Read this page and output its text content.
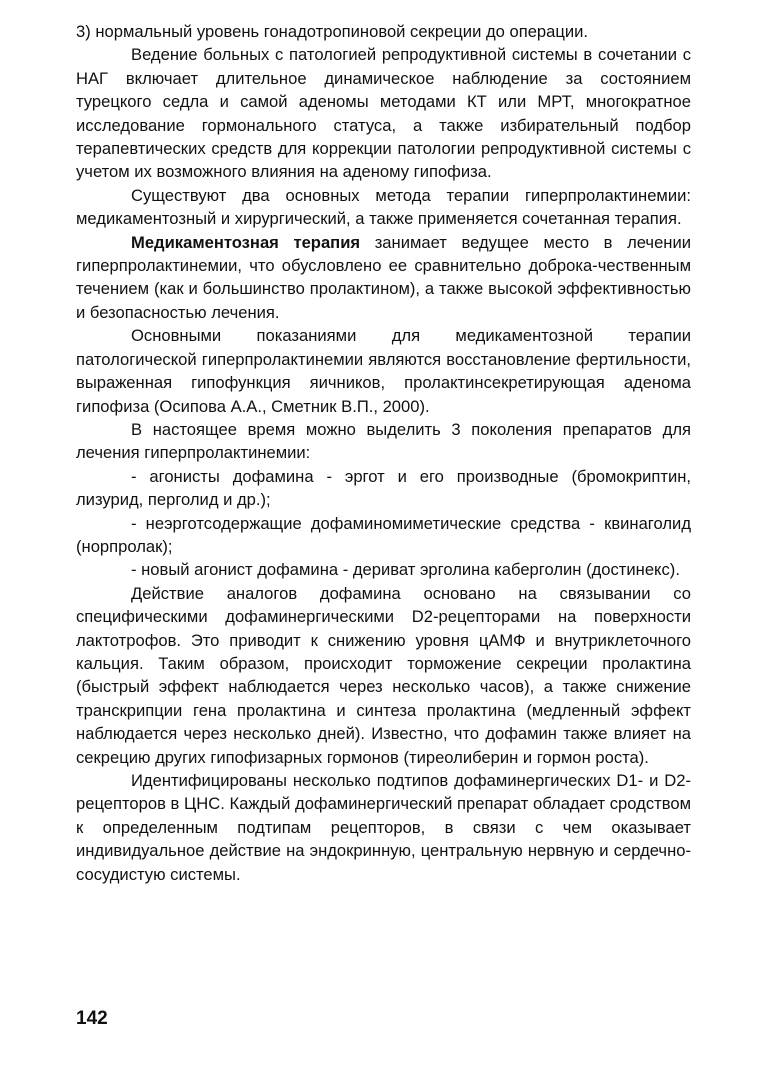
3) нормальный уровень гонадотропиновой секреции до операции.

Ведение больных с патологией репродуктивной системы в сочетании с НАГ включает длительное динамическое наблюдение за состоянием турецкого седла и самой аденомы методами КТ или МРТ, многократное исследование гормонального статуса, а также избирательный подбор терапевтических средств для коррекции патологии репродуктивной системы с учетом их возможного влияния на аденому гипофиза.

Существуют два основных метода терапии гиперпролактинемии: медикаментозный и хирургический, а также применяется сочетанная терапия.

Медикаментозная терапия занимает ведущее место в лечении гиперпролактинемии, что обусловлено ее сравнительно доброка-чественным течением (как и большинство пролактином), а также высокой эффективностью и безопасностью лечения.

Основными показаниями для медикаментозной терапии патологической гиперпролактинемии являются восстановление фертильности, выраженная гипофункция яичников, пролактинсекретирующая аденома гипофиза (Осипова А.А., Сметник В.П., 2000).

В настоящее время можно выделить 3 поколения препаратов для лечения гиперпролактинемии:

- агонисты дофамина - эргот и его производные (бромокриптин, лизурид, перголид и др.);

- неэрготсодержащие дофаминомиметические средства - квинаголид (норпролак);

- новый агонист дофамина - дериват эрголина каберголин (достинекс).

Действие аналогов дофамина основано на связывании со специфическими дофаминергическими D2-рецепторами на поверхности лактотрофов. Это приводит к снижению уровня цАМФ и внутриклеточного кальция. Таким образом, происходит торможение секреции пролактина (быстрый эффект наблюдается через несколько часов), а также снижение транскрипции гена пролактина и синтеза пролактина (медленный эффект наблюдается через несколько дней). Известно, что дофамин также влияет на секрецию других гипофизарных гормонов (тиреолиберин и гормон роста).

Идентифицированы несколько подтипов дофаминергических D1- и D2-рецепторов в ЦНС. Каждый дофаминергический препарат обладает сродством к определенным подтипам рецепторов, в связи с чем оказывает индивидуальное действие на эндокринную, центральную нервную и сердечно-сосудистую системы.

142
